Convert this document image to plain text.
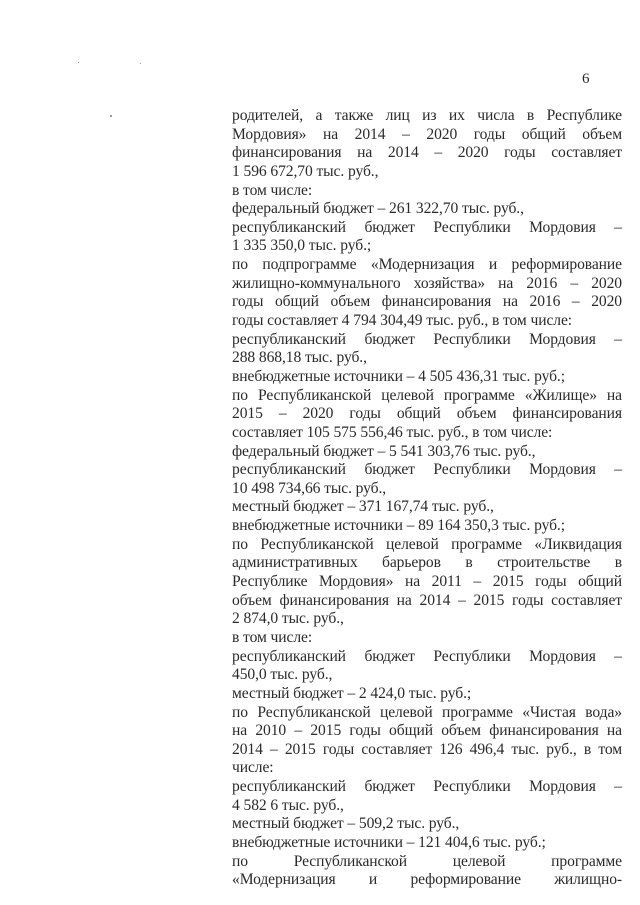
6
родителей, а также лиц из их числа в Республике
Мордовия» на 2014 – 2020 годы общий объем
финансирования на 2014 – 2020 годы составляет
1 596 672,70 тыс. руб.,
в том числе:
федеральный бюджет – 261 322,70 тыс. руб.,
республиканский бюджет Республики Мордовия –
1 335 350,0 тыс. руб.;
по подпрограмме «Модернизация и реформирование
жилищно-коммунального хозяйства» на 2016 – 2020
годы общий объем финансирования на 2016 – 2020
годы составляет 4 794 304,49 тыс. руб., в том числе:
республиканский бюджет Республики Мордовия –
288 868,18 тыс. руб.,
внебюджетные источники – 4 505 436,31 тыс. руб.;
по Республиканской целевой программе «Жилище» на
2015 – 2020 годы общий объем финансирования
составляет 105 575 556,46 тыс. руб., в том числе:
федеральный бюджет – 5 541 303,76 тыс. руб.,
республиканский бюджет Республики Мордовия –
10 498 734,66 тыс. руб.,
местный бюджет – 371 167,74 тыс. руб.,
внебюджетные источники – 89 164 350,3 тыс. руб.;
по Республиканской целевой программе «Ликвидация
административных барьеров в строительстве в
Республике Мордовия» на 2011 – 2015 годы общий
объем финансирования на 2014 – 2015 годы составляет
2 874,0 тыс. руб.,
в том числе:
республиканский бюджет Республики Мордовия –
450,0 тыс. руб.,
местный бюджет – 2 424,0 тыс. руб.;
по Республиканской целевой программе «Чистая вода»
на 2010 – 2015 годы общий объем финансирования на
2014 – 2015 годы составляет 126 496,4 тыс. руб., в том
числе:
республиканский бюджет Республики Мордовия –
4 582 6 тыс. руб.,
местный бюджет – 509,2 тыс. руб.,
внебюджетные источники – 121 404,6 тыс. руб.;
по Республиканской целевой программе
«Модернизация и реформирование жилищно-
